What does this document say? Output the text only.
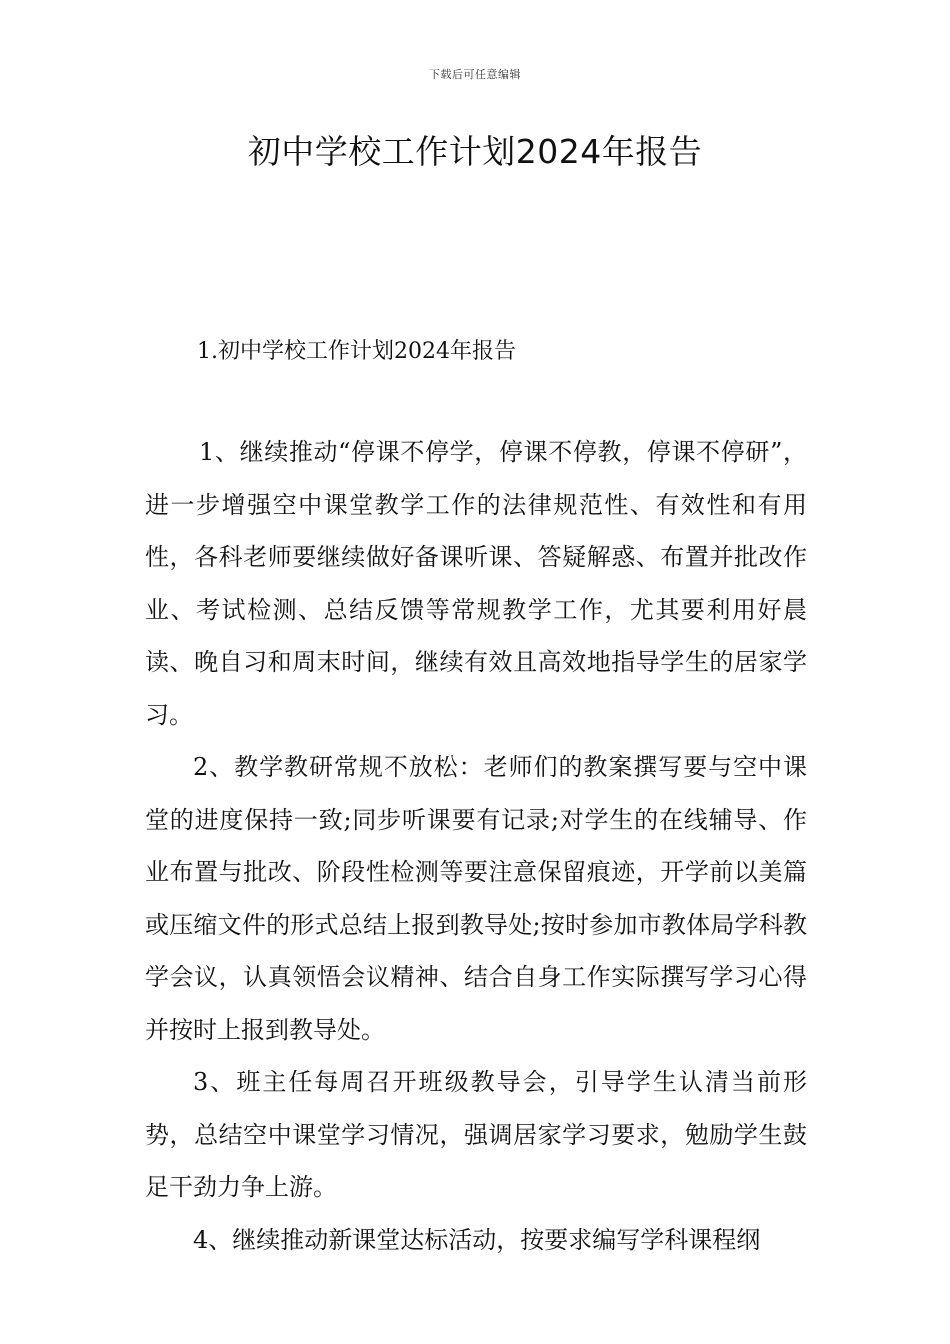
下载后可任意编辑
初中学校工作计划2024年报告
1.初中学校工作计划2024年报告

1、继续推动“停课不停学，停课不停教，停课不停研”，进一步增强空中课堂教学工作的法律规范性、有效性和有用性，各科老师要继续做好备课听课、答疑解惑、布置并批改作业、考试检测、总结反馈等常规教学工作，尤其要利用好晨读、晚自习和周末时间，继续有效且高效地指导学生的居家学习。

2、教学教研常规不放松：老师们的教案撰写要与空中课堂的进度保持一致;同步听课要有记录;对学生的在线辅导、作业布置与批改、阶段性检测等要注意保留痕迹，开学前以美篇或压缩文件的形式总结上报到教导处;按时参加市教体局学科教学会议，认真领悟会议精神、结合自身工作实际撰写学习心得并按时上报到教导处。

3、班主任每周召开班级教导会，引导学生认清当前形势，总结空中课堂学习情况，强调居家学习要求，勉励学生鼓足干劲力争上游。

4、继续推动新课堂达标活动，按要求编写学科课程纲
